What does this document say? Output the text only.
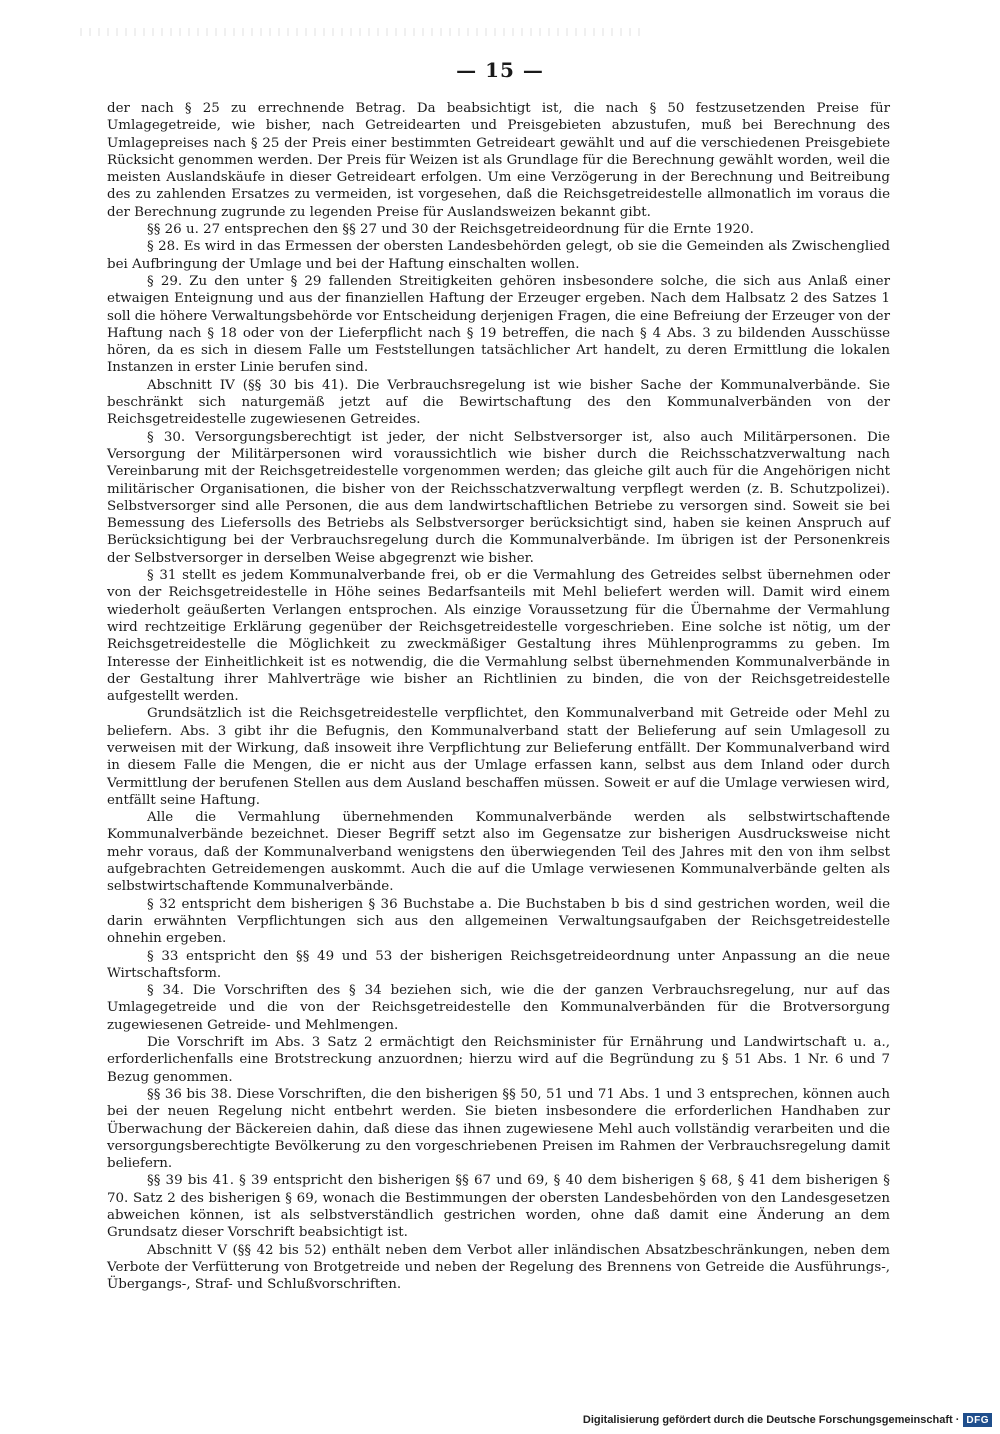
— 15 —

der nach § 25 zu errechnende Betrag. Da beabsichtigt ist, die nach § 50 festzusetzenden Preise für Umlagegetreide, wie bisher, nach Getreidearten und Preisgebieten abzustufen, muß bei Berechnung des Umlagepreises nach § 25 der Preis einer bestimmten Getreideart gewählt und auf die verschiedenen Preisgebiete Rücksicht genommen werden. Der Preis für Weizen ist als Grundlage für die Berechnung gewählt worden, weil die meisten Auslandskäufe in dieser Getreideart erfolgen. Um eine Verzögerung in der Berechnung und Beitreibung des zu zahlenden Ersatzes zu vermeiden, ist vorgesehen, daß die Reichsgetreidestelle allmonatlich im voraus die der Berechnung zugrunde zu legenden Preise für Auslandsweizen bekannt gibt.

§§ 26 u. 27 entsprechen den §§ 27 und 30 der Reichsgetreideordnung für die Ernte 1920.

§ 28. Es wird in das Ermessen der obersten Landesbehörden gelegt, ob sie die Gemeinden als Zwischenglied bei Aufbringung der Umlage und bei der Haftung einschalten wollen.

§ 29. Zu den unter § 29 fallenden Streitigkeiten gehören insbesondere solche, die sich aus Anlaß einer etwaigen Enteignung und aus der finanziellen Haftung der Erzeuger ergeben. Nach dem Halbsatz 2 des Satzes 1 soll die höhere Verwaltungsbehörde vor Entscheidung derjenigen Fragen, die eine Befreiung der Erzeuger von der Haftung nach § 18 oder von der Lieferpflicht nach § 19 betreffen, die nach § 4 Abs. 3 zu bildenden Ausschüsse hören, da es sich in diesem Falle um Feststellungen tatsächlicher Art handelt, zu deren Ermittlung die lokalen Instanzen in erster Linie berufen sind.

Abschnitt IV (§§ 30 bis 41). Die Verbrauchsregelung ist wie bisher Sache der Kommunalverbände. Sie beschränkt sich naturgemäß jetzt auf die Bewirtschaftung des den Kommunalverbänden von der Reichsgetreidestelle zugewiesenen Getreides.

§ 30. Versorgungsberechtigt ist jeder, der nicht Selbstversorger ist, also auch Militärpersonen. Die Versorgung der Militärpersonen wird voraussichtlich wie bisher durch die Reichsschatzverwaltung nach Vereinbarung mit der Reichsgetreidestelle vorgenommen werden; das gleiche gilt auch für die Angehörigen nicht militärischer Organisationen, die bisher von der Reichsschatzverwaltung verpflegt werden (z. B. Schutzpolizei). Selbstversorger sind alle Personen, die aus dem landwirtschaftlichen Betriebe zu versorgen sind. Soweit sie bei Bemessung des Liefersolls des Betriebs als Selbstversorger berücksichtigt sind, haben sie keinen Anspruch auf Berücksichtigung bei der Verbrauchsregelung durch die Kommunalverbände. Im übrigen ist der Personenkreis der Selbstversorger in derselben Weise abgegrenzt wie bisher.

§ 31 stellt es jedem Kommunalverbande frei, ob er die Vermahlung des Getreides selbst übernehmen oder von der Reichsgetreidestelle in Höhe seines Bedarfsanteils mit Mehl beliefert werden will. Damit wird einem wiederholt geäußerten Verlangen entsprochen. Als einzige Voraussetzung für die Übernahme der Vermahlung wird rechtzeitige Erklärung gegenüber der Reichsgetreidestelle vorgeschrieben. Eine solche ist nötig, um der Reichsgetreidestelle die Möglichkeit zu zweckmäßiger Gestaltung ihres Mühlenprogramms zu geben. Im Interesse der Einheitlichkeit ist es notwendig, die die Vermahlung selbst übernehmenden Kommunalverbände in der Gestaltung ihrer Mahlverträge wie bisher an Richtlinien zu binden, die von der Reichsgetreidestelle aufgestellt werden.

Grundsätzlich ist die Reichsgetreidestelle verpflichtet, den Kommunalverband mit Getreide oder Mehl zu beliefern. Abs. 3 gibt ihr die Befugnis, den Kommunalverband statt der Belieferung auf sein Umlagesoll zu verweisen mit der Wirkung, daß insoweit ihre Verpflichtung zur Belieferung entfällt. Der Kommunalverband wird in diesem Falle die Mengen, die er nicht aus der Umlage erfassen kann, selbst aus dem Inland oder durch Vermittlung der berufenen Stellen aus dem Ausland beschaffen müssen. Soweit er auf die Umlage verwiesen wird, entfällt seine Haftung.

Alle die Vermahlung übernehmenden Kommunalverbände werden als selbstwirtschaftende Kommunalverbände bezeichnet. Dieser Begriff setzt also im Gegensatze zur bisherigen Ausdrucksweise nicht mehr voraus, daß der Kommunalverband wenigstens den überwiegenden Teil des Jahres mit den von ihm selbst aufgebrachten Getreidemengen auskommt. Auch die auf die Umlage verwiesenen Kommunalverbände gelten als selbstwirtschaftende Kommunalverbände.

§ 32 entspricht dem bisherigen § 36 Buchstabe a. Die Buchstaben b bis d sind gestrichen worden, weil die darin erwähnten Verpflichtungen sich aus den allgemeinen Verwaltungsaufgaben der Reichsgetreidestelle ohnehin ergeben.

§ 33 entspricht den §§ 49 und 53 der bisherigen Reichsgetreideordnung unter Anpassung an die neue Wirtschaftsform.

§ 34. Die Vorschriften des § 34 beziehen sich, wie die der ganzen Verbrauchsregelung, nur auf das Umlagegetreide und die von der Reichsgetreidestelle den Kommunalverbänden für die Brotversorgung zugewiesenen Getreide- und Mehlmengen.

Die Vorschrift im Abs. 3 Satz 2 ermächtigt den Reichsminister für Ernährung und Landwirtschaft u. a., erforderlichenfalls eine Brotstreckung anzuordnen; hierzu wird auf die Begründung zu § 51 Abs. 1 Nr. 6 und 7 Bezug genommen.

§§ 36 bis 38. Diese Vorschriften, die den bisherigen §§ 50, 51 und 71 Abs. 1 und 3 entsprechen, können auch bei der neuen Regelung nicht entbehrt werden. Sie bieten insbesondere die erforderlichen Handhaben zur Überwachung der Bäckereien dahin, daß diese das ihnen zugewiesene Mehl auch vollständig verarbeiten und die versorgungsberechtigte Bevölkerung zu den vorgeschriebenen Preisen im Rahmen der Verbrauchsregelung damit beliefern.

§§ 39 bis 41. § 39 entspricht den bisherigen §§ 67 und 69, § 40 dem bisherigen § 68, § 41 dem bisherigen § 70. Satz 2 des bisherigen § 69, wonach die Bestimmungen der obersten Landesbehörden von den Landesgesetzen abweichen können, ist als selbstverständlich gestrichen worden, ohne daß damit eine Änderung an dem Grundsatz dieser Vorschrift beabsichtigt ist.

Abschnitt V (§§ 42 bis 52) enthält neben dem Verbot aller inländischen Absatzbeschränkungen, neben dem Verbote der Verfütterung von Brotgetreide und neben der Regelung des Brennens von Getreide die Ausführungs-, Übergangs-, Straf- und Schlußvorschriften.

Digitalisierung gefördert durch die Deutsche Forschungsgemeinschaft · DFG
